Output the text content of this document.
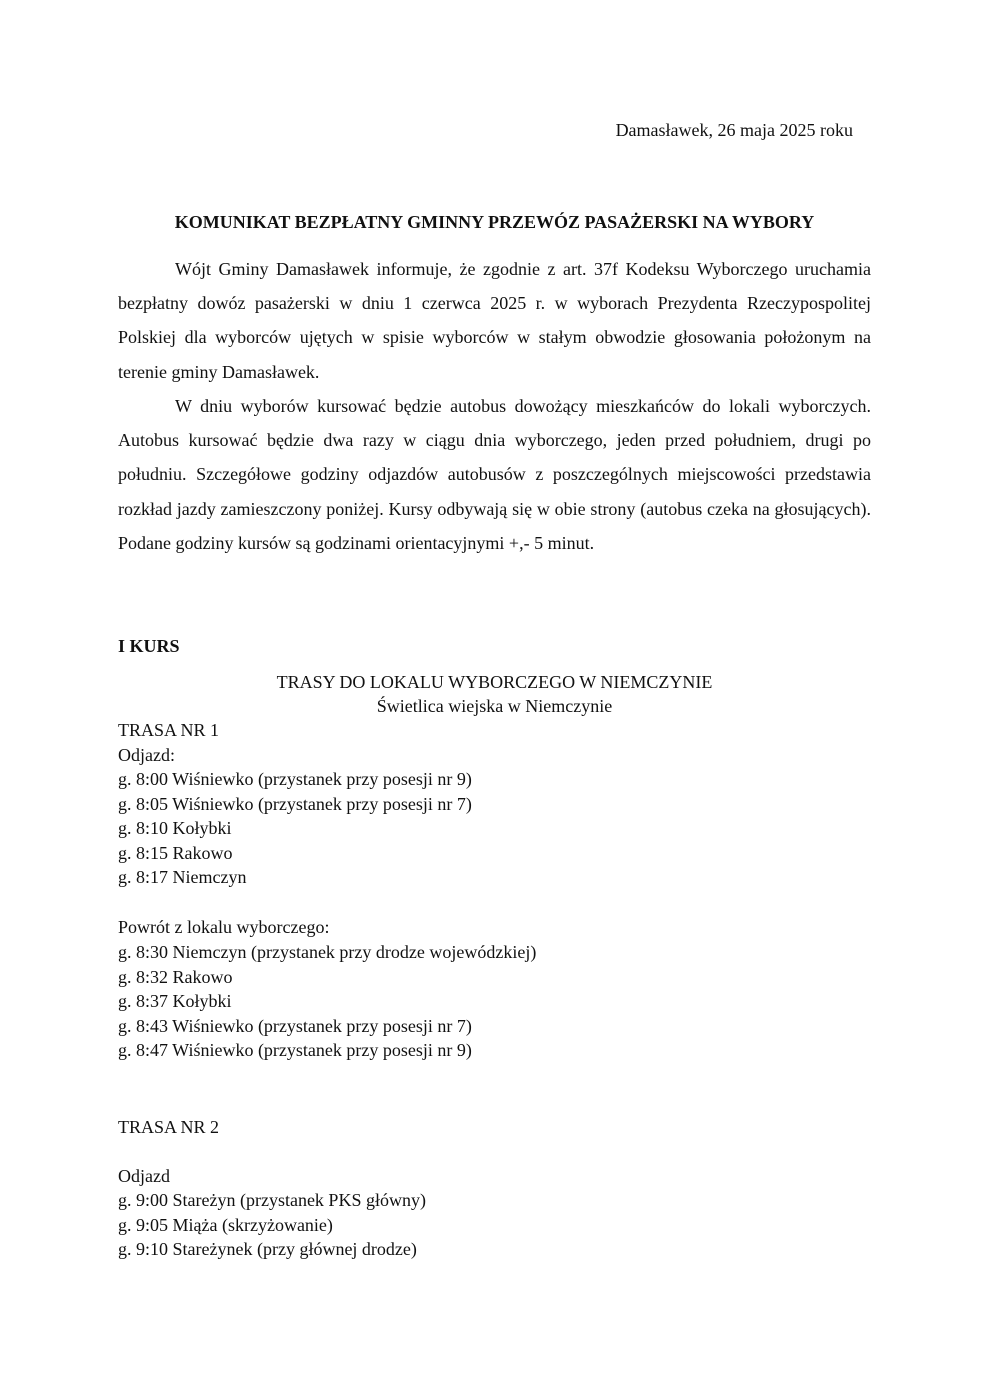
Damasławek, 26 maja 2025 roku
KOMUNIKAT BEZPŁATNY GMINNY PRZEWÓZ PASAŻERSKI NA WYBORY

Wójt Gminy Damasławek informuje, że zgodnie z art. 37f Kodeksu Wyborczego uruchamia bezpłatny dowóz pasażerski w dniu 1 czerwca 2025 r. w wyborach Prezydenta Rzeczypospolitej Polskiej dla wyborców ujętych w spisie wyborców w stałym obwodzie głosowania położonym na terenie gminy Damasławek.

W dniu wyborów kursować będzie autobus dowożący mieszkańców do lokali wyborczych. Autobus kursować będzie dwa razy w ciągu dnia wyborczego, jeden przed południem, drugi po południu. Szczegółowe godziny odjazdów autobusów z poszczególnych miejscowości przedstawia rozkład jazdy zamieszczony poniżej. Kursy odbywają się w obie strony (autobus czeka na głosujących). Podane godziny kursów są godzinami orientacyjnymi +,- 5 minut.

I KURS
TRASY DO LOKALU WYBORCZEGO W NIEMCZYNIE
Świetlica wiejska w Niemczynie
TRASA NR 1
Odjazd:
g. 8:00 Wiśniewko (przystanek przy posesji nr 9)
g. 8:05 Wiśniewko (przystanek przy posesji nr 7)
g. 8:10 Kołybki
g. 8:15 Rakowo
g. 8:17 Niemczyn
Powrót z lokalu wyborczego:
g. 8:30 Niemczyn (przystanek przy drodze wojewódzkiej)
g. 8:32 Rakowo
g. 8:37 Kołybki
g. 8:43 Wiśniewko (przystanek przy posesji nr 7)
g. 8:47 Wiśniewko (przystanek przy posesji nr 9)
TRASA NR 2
Odjazd
g. 9:00 Stareżyn (przystanek PKS główny)
g. 9:05 Miąża (skrzyżowanie)
g. 9:10 Stareżynek (przy głównej drodze)
